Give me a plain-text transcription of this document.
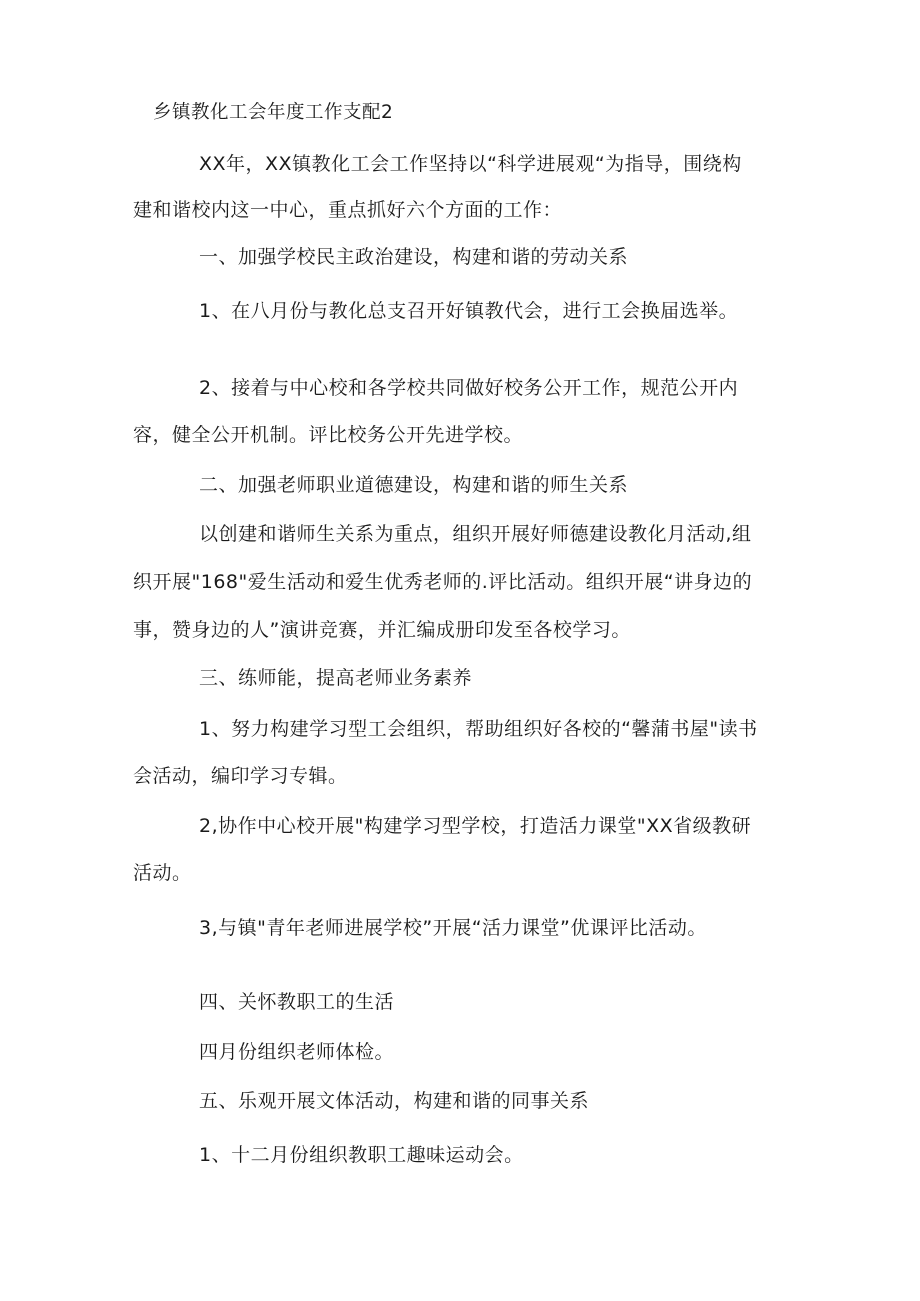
乡镇教化工会年度工作支配2
XX年，XX镇教化工会工作坚持以“科学进展观“为指导，围绕构
建和谐校内这一中心，重点抓好六个方面的工作：
一、加强学校民主政治建设，构建和谐的劳动关系
1、在八月份与教化总支召开好镇教代会，进行工会换届选举。
2、接着与中心校和各学校共同做好校务公开工作，规范公开内
容，健全公开机制。评比校务公开先进学校。
二、加强老师职业道德建设，构建和谐的师生关系
以创建和谐师生关系为重点，组织开展好师德建设教化月活动,组
织开展"168"爱生活动和爱生优秀老师的.评比活动。组织开展“讲身边的
事，赞身边的人”演讲竞赛，并汇编成册印发至各校学习。
三、练师能，提高老师业务素养
1、努力构建学习型工会组织，帮助组织好各校的“馨蒲书屋"读书
会活动，编印学习专辑。
2,协作中心校开展"构建学习型学校，打造活力课堂"XX省级教研
活动。
3,与镇"青年老师进展学校”开展“活力课堂”优课评比活动。
四、关怀教职工的生活
四月份组织老师体检。
五、乐观开展文体活动，构建和谐的同事关系
1、十二月份组织教职工趣味运动会。
